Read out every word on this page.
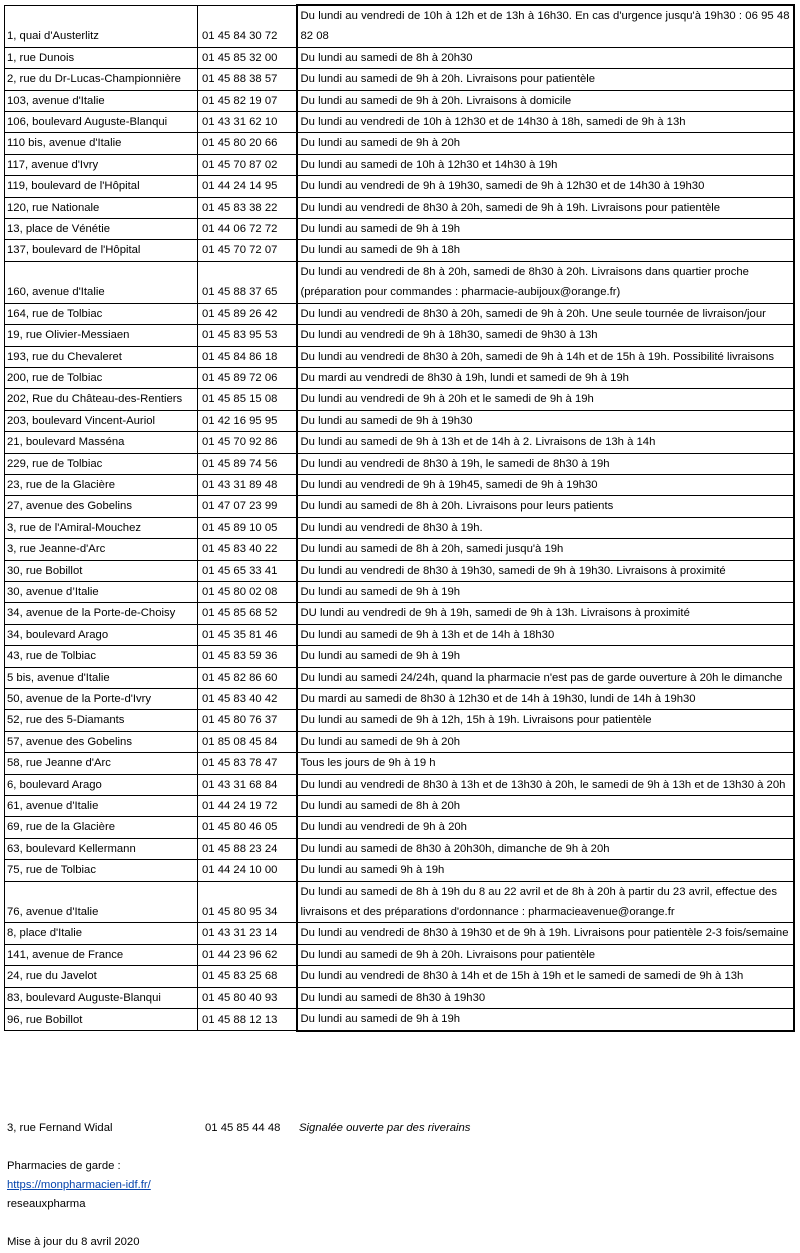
1, quai d'Austerlitz	01 45 84 30 72	Du lundi au vendredi de 10h à 12h et de 13h à 16h30. En cas d'urgence jusqu'à 19h30 : 06 95 48 82 08
1, rue Dunois	01 45 85 32 00	Du lundi au samedi de 8h à 20h30
2, rue du Dr-Lucas-Championnière	01 45 88 38 57	Du lundi au samedi de 9h à 20h. Livraisons pour patientèle
103, avenue d'Italie	01 45 82 19 07	Du lundi au samedi de 9h à 20h. Livraisons à domicile
106, boulevard Auguste-Blanqui	01 43 31 62 10	Du lundi au vendredi de 10h à 12h30 et de 14h30 à 18h, samedi de 9h à 13h
110 bis, avenue d'Italie	01 45 80 20 66	Du lundi au samedi de 9h à 20h
117, avenue d'Ivry	01 45 70 87 02	Du lundi au samedi de 10h à 12h30 et 14h30 à 19h
119, boulevard de l'Hôpital	01 44 24 14 95	Du lundi au vendredi de 9h à 19h30, samedi de 9h à 12h30 et de 14h30 à 19h30
120, rue Nationale	01 45 83 38 22	Du lundi au vendredi de 8h30 à 20h, samedi de 9h à 19h. Livraisons pour patientèle
13, place de Vénétie	01 44 06 72 72	Du lundi au samedi de 9h à 19h
137, boulevard de l'Hôpital	01 45 70 72 07	Du lundi au samedi de 9h à 18h
160, avenue d'Italie	01 45 88 37 65	Du lundi au vendredi de 8h à 20h, samedi de 8h30 à 20h. Livraisons dans quartier proche (préparation pour commandes : pharmacie-aubijoux@orange.fr)
164, rue de Tolbiac	01 45 89 26 42	Du lundi au vendredi de 8h30 à 20h, samedi de 9h à 20h. Une seule tournée de livraison/jour
19, rue Olivier-Messiaen	01 45 83 95 53	Du lundi au vendredi de 9h à 18h30, samedi de 9h30 à 13h
193, rue du Chevaleret	01 45 84 86 18	Du lundi au vendredi de 8h30 à 20h, samedi de 9h à 14h et de 15h à 19h. Possibilité livraisons
200, rue de Tolbiac	01 45 89 72 06	Du mardi au vendredi de 8h30 à 19h, lundi et samedi de 9h à 19h
202, Rue du Château-des-Rentiers	01 45 85 15 08	Du lundi au vendredi de 9h à 20h et le samedi de 9h à 19h
203, boulevard Vincent-Auriol	01 42 16 95 95	Du lundi au samedi de 9h à 19h30
21, boulevard Masséna	01 45 70 92 86	Du lundi au samedi de 9h à 13h et de 14h à 2. Livraisons de 13h à 14h
229, rue de Tolbiac	01 45 89 74 56	Du lundi au vendredi de 8h30 à 19h, le samedi de 8h30 à 19h
23, rue de la Glacière	01 43 31 89 48	Du lundi au vendredi de 9h à 19h45, samedi de 9h à 19h30
27, avenue des Gobelins	01 47 07 23 99	Du lundi au samedi de 8h à 20h. Livraisons pour leurs patients
3, rue de l'Amiral-Mouchez	01 45 89 10 05	Du lundi au vendredi de 8h30 à 19h.
3, rue Jeanne-d'Arc	01 45 83 40 22	Du lundi au samedi de 8h à 20h, samedi jusqu'à 19h
30, rue Bobillot	01 45 65 33 41	Du lundi au vendredi de 8h30 à 19h30, samedi de 9h à 19h30. Livraisons à proximité
30, avenue d’Italie	01 45 80 02 08	Du lundi au samedi de 9h à 19h
34, avenue de la Porte-de-Choisy	01 45 85 68 52	DU lundi au vendredi de 9h à 19h, samedi de 9h à 13h. Livraisons à proximité
34, boulevard Arago	01 45 35 81 46	Du lundi au samedi de 9h à 13h et de 14h à 18h30
43, rue de Tolbiac	01 45 83 59 36	Du lundi au samedi de 9h à 19h
5 bis, avenue d'Italie	01 45 82 86 60	Du lundi au samedi 24/24h, quand la pharmacie n'est pas de garde ouverture à 20h le dimanche
50, avenue de la Porte-d'Ivry	01 45 83 40 42	Du mardi au samedi de 8h30 à 12h30 et de 14h à 19h30, lundi de 14h à 19h30
52, rue des 5-Diamants	01 45 80 76 37	Du lundi au samedi de 9h à 12h, 15h à 19h. Livraisons pour patientèle
57, avenue des Gobelins	01 85 08 45 84	Du lundi au samedi de 9h à 20h
58, rue Jeanne d'Arc	01 45 83 78 47	Tous les jours de 9h à 19 h
6, boulevard Arago	01 43 31 68 84	Du lundi au vendredi de 8h30 à 13h et de 13h30 à 20h, le samedi de 9h à 13h et de 13h30 à 20h
61, avenue d'Italie	01 44 24 19 72	Du lundi au samedi de 8h à 20h
69, rue de la Glacière	01 45 80 46 05	Du lundi au vendredi de 9h à 20h
63, boulevard Kellermann	01 45 88 23 24	Du lundi au samedi de 8h30 à 20h30h, dimanche de 9h à 20h
75, rue de Tolbiac	01 44 24 10 00	Du lundi au samedi 9h à 19h
76, avenue d'Italie	01 45 80 95 34	Du lundi au samedi de 8h à 19h du 8 au 22 avril et de 8h à 20h à partir du 23 avril, effectue des livraisons et des préparations d'ordonnance : pharmacieavenue@orange.fr
8, place d'Italie	01 43 31 23 14	Du lundi au vendredi de 8h30 à 19h30 et de 9h à 19h. Livraisons pour patientèle 2-3 fois/semaine
141, avenue de France	01 44 23 96 62	Du lundi au samedi de 9h à 20h. Livraisons pour patientèle
24, rue du Javelot	01 45 83 25 68	Du lundi au vendredi de 8h30 à 14h et de 15h à 19h et le samedi de samedi de 9h à 13h
83, boulevard Auguste-Blanqui	01 45 80 40 93	Du lundi au samedi de 8h30 à 19h30
96, rue Bobillot	01 45 88 12 13	Du lundi au samedi de 9h à 19h
3, rue Fernand Widal	01 45 85 44 48 Signalée ouverte par des riverains
Pharmacies de garde :
https://monpharmacien-idf.fr/
reseauxpharma
Mise à jour du 8 avril 2020
